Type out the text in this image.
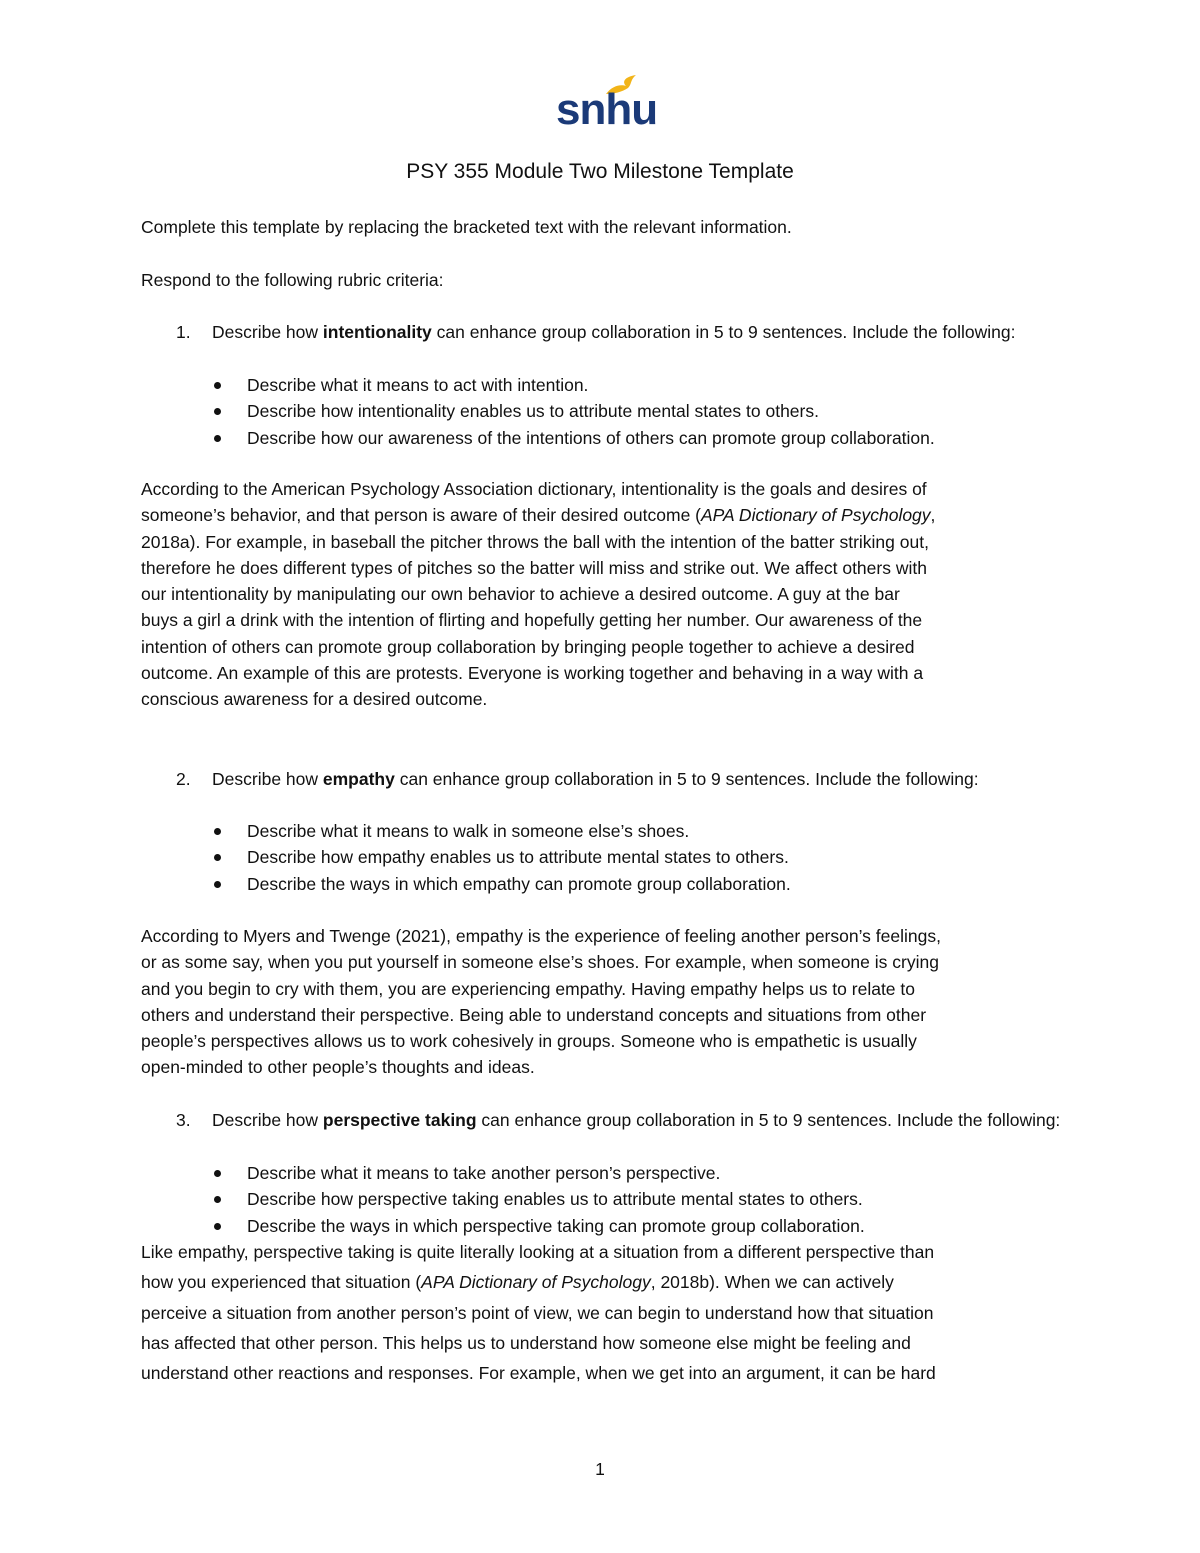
snhu
PSY 355 Module Two Milestone Template

Complete this template by replacing the bracketed text with the relevant information.

Respond to the following rubric criteria:

1. Describe how intentionality can enhance group collaboration in 5 to 9 sentences. Include the following:

Describe what it means to act with intention.
Describe how intentionality enables us to attribute mental states to others.
Describe how our awareness of the intentions of others can promote group collaboration.

According to the American Psychology Association dictionary, intentionality is the goals and desires of
someone’s behavior, and that person is aware of their desired outcome (APA Dictionary of Psychology,
2018a). For example, in baseball the pitcher throws the ball with the intention of the batter striking out,
therefore he does different types of pitches so the batter will miss and strike out. We affect others with
our intentionality by manipulating our own behavior to achieve a desired outcome. A guy at the bar
buys a girl a drink with the intention of flirting and hopefully getting her number. Our awareness of the
intention of others can promote group collaboration by bringing people together to achieve a desired
outcome. An example of this are protests. Everyone is working together and behaving in a way with a
conscious awareness for a desired outcome.

2. Describe how empathy can enhance group collaboration in 5 to 9 sentences. Include the following:

Describe what it means to walk in someone else’s shoes.
Describe how empathy enables us to attribute mental states to others.
Describe the ways in which empathy can promote group collaboration.

According to Myers and Twenge (2021), empathy is the experience of feeling another person’s feelings,
or as some say, when you put yourself in someone else’s shoes. For example, when someone is crying
and you begin to cry with them, you are experiencing empathy. Having empathy helps us to relate to
others and understand their perspective. Being able to understand concepts and situations from other
people’s perspectives allows us to work cohesively in groups. Someone who is empathetic is usually
open-minded to other people’s thoughts and ideas.

3. Describe how perspective taking can enhance group collaboration in 5 to 9 sentences. Include the following:

Describe what it means to take another person’s perspective.
Describe how perspective taking enables us to attribute mental states to others.
Describe the ways in which perspective taking can promote group collaboration.

Like empathy, perspective taking is quite literally looking at a situation from a different perspective than
how you experienced that situation (APA Dictionary of Psychology, 2018b). When we can actively
perceive a situation from another person’s point of view, we can begin to understand how that situation
has affected that other person. This helps us to understand how someone else might be feeling and
understand other reactions and responses. For example, when we get into an argument, it can be hard

1
